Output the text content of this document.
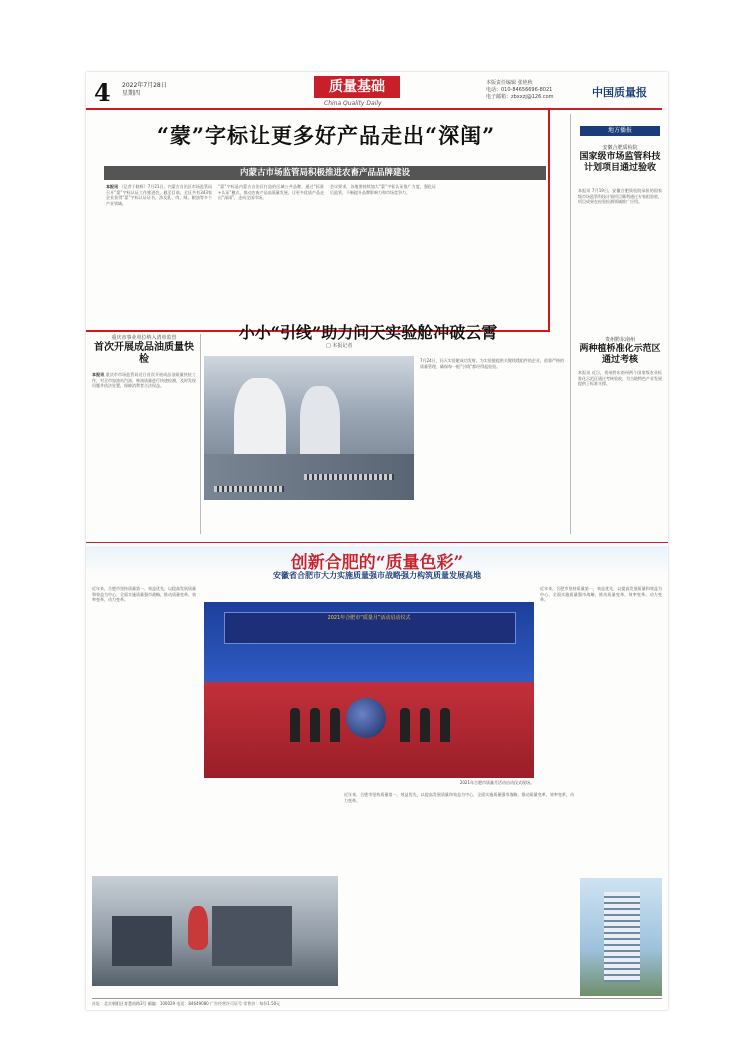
4 2022年7月28日
星期四	质量基础
China Quality Daily
本版责任编辑 张艳秋
电话：010-84656696-8021
电子邮箱：zbxxzj@126.com	中国质量报
“蒙”字标让更多好产品走出“深闺”
内蒙古市场监管局积极推进农畜产品品牌建设
本报讯 （记者于晓辉）7月21日，内蒙古自治区市场监管局召开“蒙”字标认证工作推进会。截至目前，全区共有343家企业获得“蒙”字标认证证书，涉及乳、肉、绒、粮油等多个产业领域。
“蒙”字标是内蒙古自治区打造的区域公共品牌，通过“标准+认证”模式，推动农畜产品高质量发展，让更多优质产品走出“深闺”，走向全国市场。
会议要求，各地要持续加大“蒙”字标认证推广力度，强化证后监管，不断提升品牌影响力和市场竞争力。
地方播报
安徽合肥质检院
国家级市场监管科技计划项目通过验收
本报讯 7月19日，安徽合肥质检院承担的国家级市场监管科技计划项目顺利通过专家组验收，项目成果在检验检测领域推广应用。
贵州黔东南州
两种植桥准化示范区通过考核
本报讯 近日，贵州黔东南州两个国家级农业标准化示范区通过考核验收，为当地特色产业发展提供了标准支撑。
重庆市事业单位纳入清单监管
首次开展成品油质量快检
本报讯 重庆市市场监管局近日首次开展成品油质量快检工作，对全市加油站汽油、柴油质量进行快速检测，及时发现问题并依法处置，保障消费者合法权益。
小小“引线”助力问天实验舱冲破云霄
□ 本报记者
7月24日，问天实验舱成功发射。为实验舱提供关键线缆组件的企业，依靠严格的质量管理，确保每一根“引线”都经得起检验。
创新合肥的“质量色彩”
安徽省合肥市大力实施质量强市战略强力构筑质量发展高地
近年来，合肥市坚持质量第一、效益优先，以提高发展质量和效益为中心，全面实施质量强市战略，推动质量变革、效率变革、动力变革。
2021年合肥市“质量月”活动启动仪式
2021年合肥市质量月活动启动仪式现场。
近年来，合肥市坚持质量第一、效益优先，以提高发展质量和效益为中心，全面实施质量强市战略，推动质量变革、效率变革、动力变革。
近年来，合肥市坚持质量第一、效益优先，以提高发展质量和效益为中心，全面实施质量强市战略，推动质量变革、效率变革、动力变革。
社址：北京朝阳区育慧南路3号 邮编：100029 电话：84649080 广告经营许可证号 零售价：每份1.50元
